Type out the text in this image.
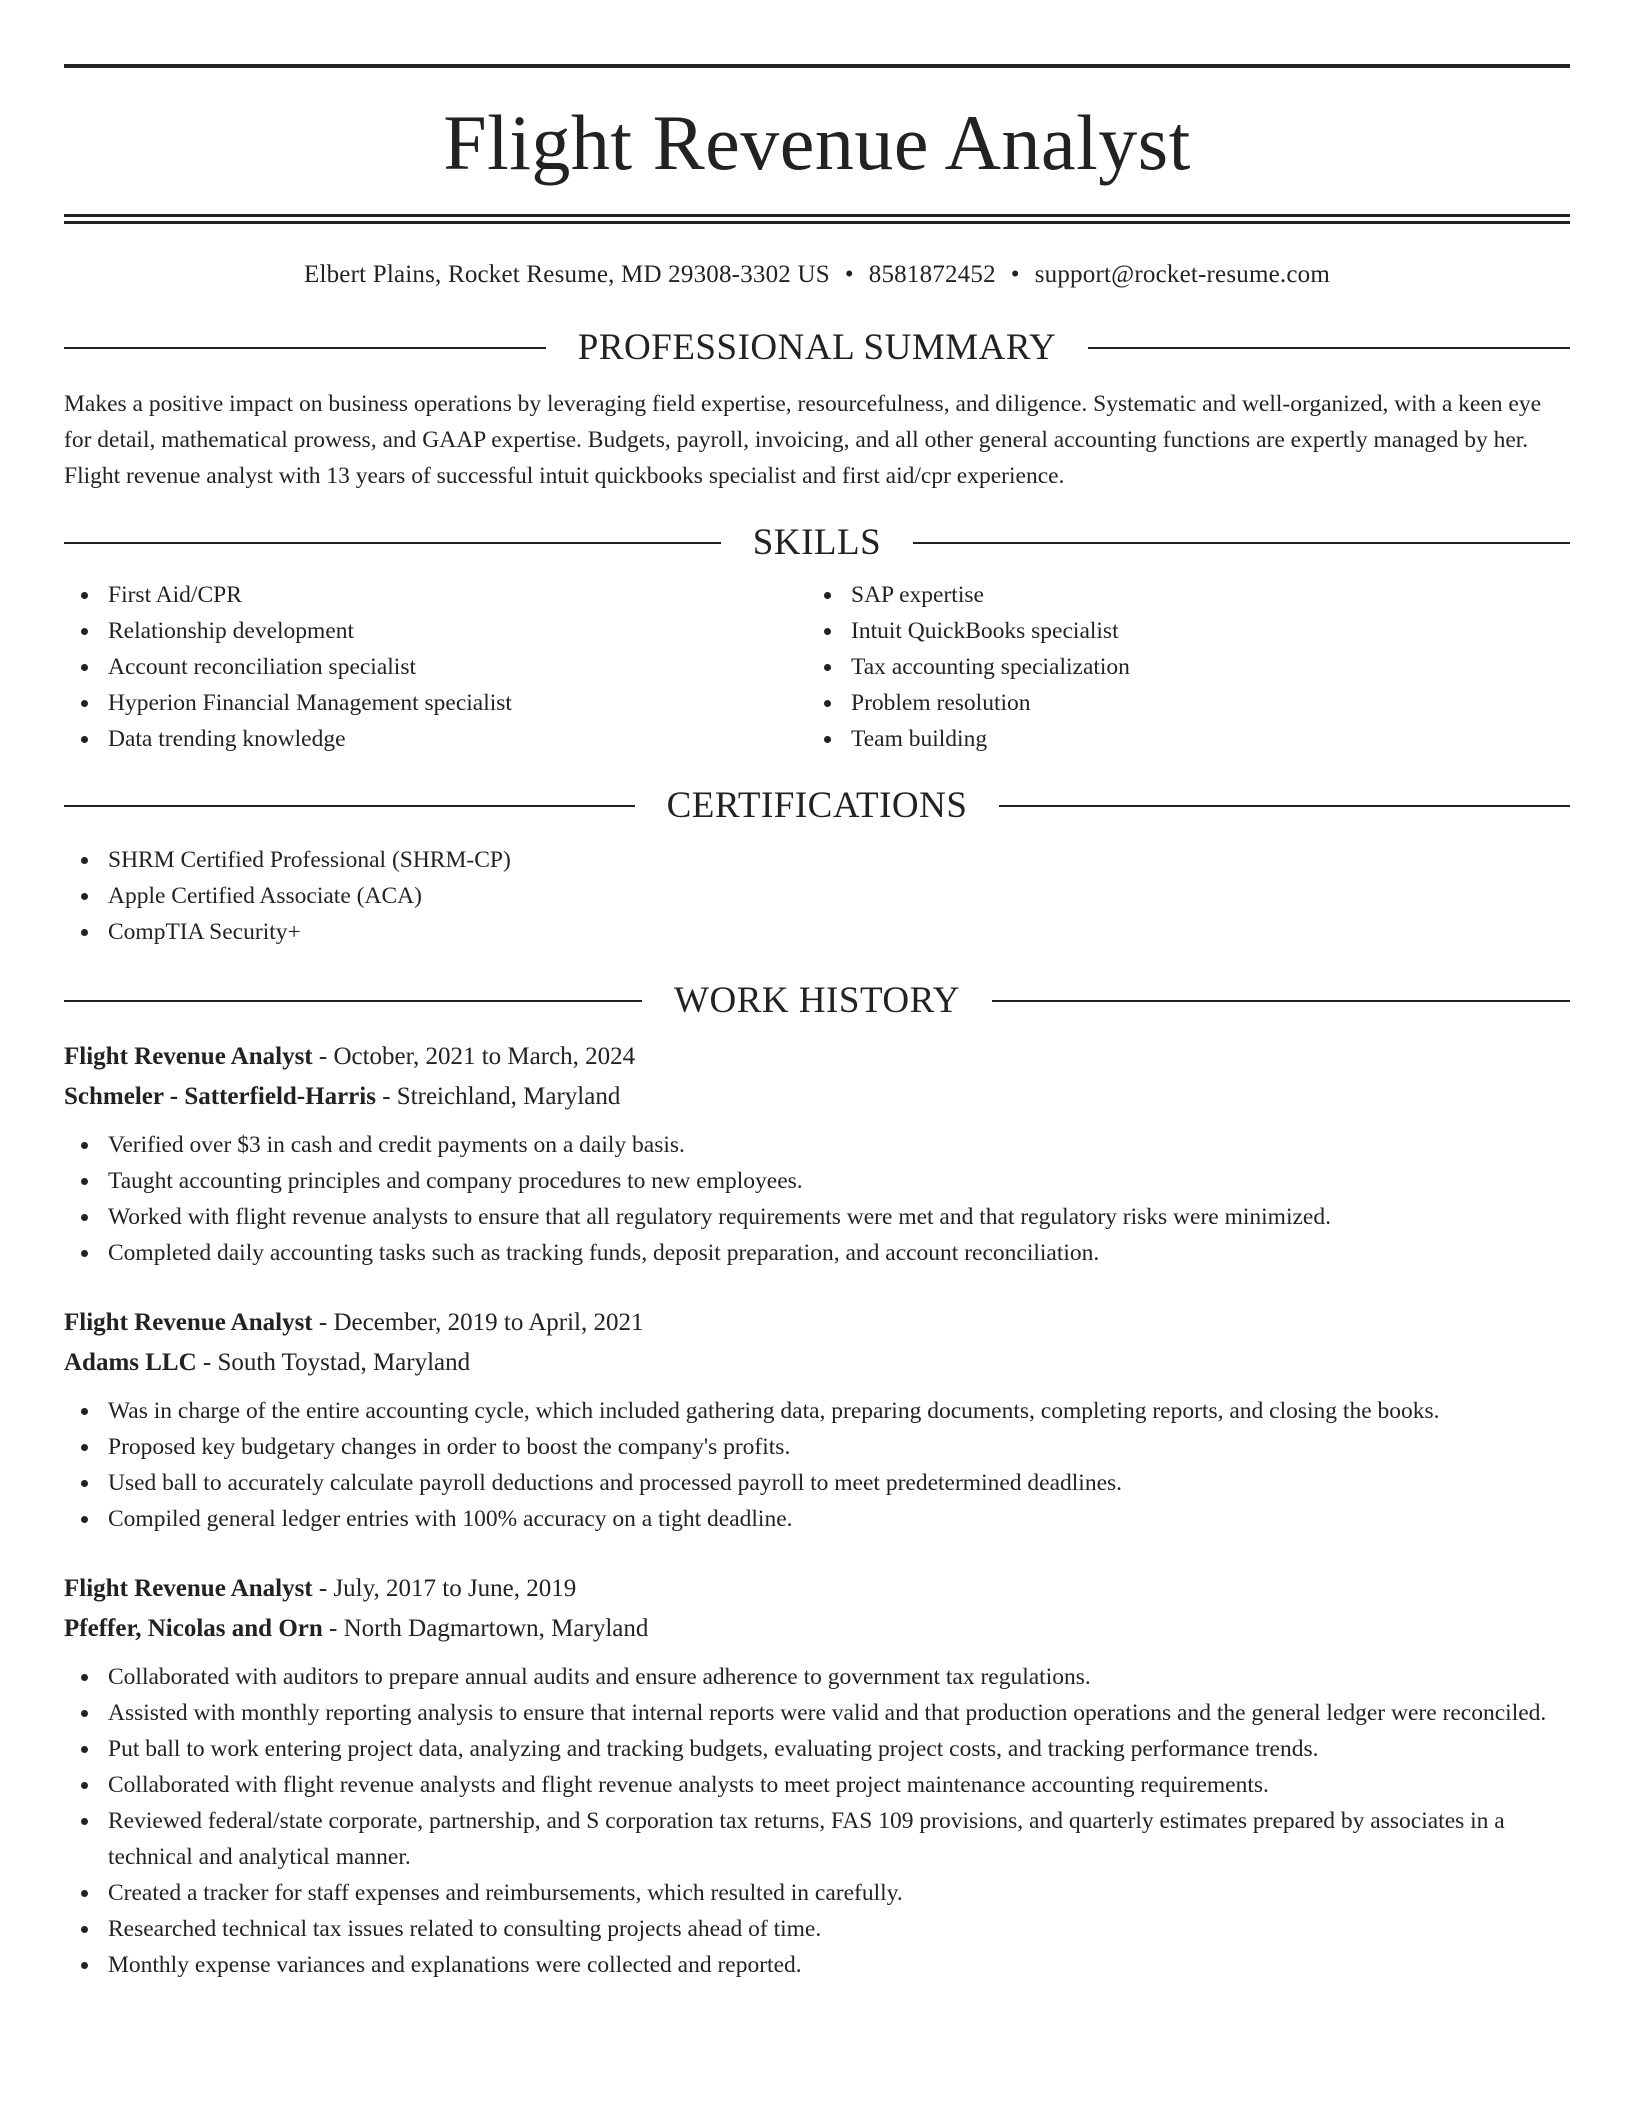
Flight Revenue Analyst
Elbert Plains, Rocket Resume, MD 29308-3302 US • 8581872452 • support@rocket-resume.com
PROFESSIONAL SUMMARY

Makes a positive impact on business operations by leveraging field expertise, resourcefulness, and diligence. Systematic and well-organized, with a keen eye for detail, mathematical prowess, and GAAP expertise. Budgets, payroll, invoicing, and all other general accounting functions are expertly managed by her. Flight revenue analyst with 13 years of successful intuit quickbooks specialist and first aid/cpr experience.

SKILLS
First Aid/CPR
Relationship development
Account reconciliation specialist
Hyperion Financial Management specialist
Data trending knowledge
SAP expertise
Intuit QuickBooks specialist
Tax accounting specialization
Problem resolution
Team building
CERTIFICATIONS
SHRM Certified Professional (SHRM-CP)
Apple Certified Associate (ACA)
CompTIA Security+
WORK HISTORY
Flight Revenue Analyst - October, 2021 to March, 2024
Schmeler - Satterfield-Harris - Streichland, Maryland
Verified over $3 in cash and credit payments on a daily basis.
Taught accounting principles and company procedures to new employees.
Worked with flight revenue analysts to ensure that all regulatory requirements were met and that regulatory risks were minimized.
Completed daily accounting tasks such as tracking funds, deposit preparation, and account reconciliation.
Flight Revenue Analyst - December, 2019 to April, 2021
Adams LLC - South Toystad, Maryland
Was in charge of the entire accounting cycle, which included gathering data, preparing documents, completing reports, and closing the books.
Proposed key budgetary changes in order to boost the company's profits.
Used ball to accurately calculate payroll deductions and processed payroll to meet predetermined deadlines.
Compiled general ledger entries with 100% accuracy on a tight deadline.
Flight Revenue Analyst - July, 2017 to June, 2019
Pfeffer, Nicolas and Orn - North Dagmartown, Maryland
Collaborated with auditors to prepare annual audits and ensure adherence to government tax regulations.
Assisted with monthly reporting analysis to ensure that internal reports were valid and that production operations and the general ledger were reconciled.
Put ball to work entering project data, analyzing and tracking budgets, evaluating project costs, and tracking performance trends.
Collaborated with flight revenue analysts and flight revenue analysts to meet project maintenance accounting requirements.
Reviewed federal/state corporate, partnership, and S corporation tax returns, FAS 109 provisions, and quarterly estimates prepared by associates in a technical and analytical manner.
Created a tracker for staff expenses and reimbursements, which resulted in carefully.
Researched technical tax issues related to consulting projects ahead of time.
Monthly expense variances and explanations were collected and reported.
